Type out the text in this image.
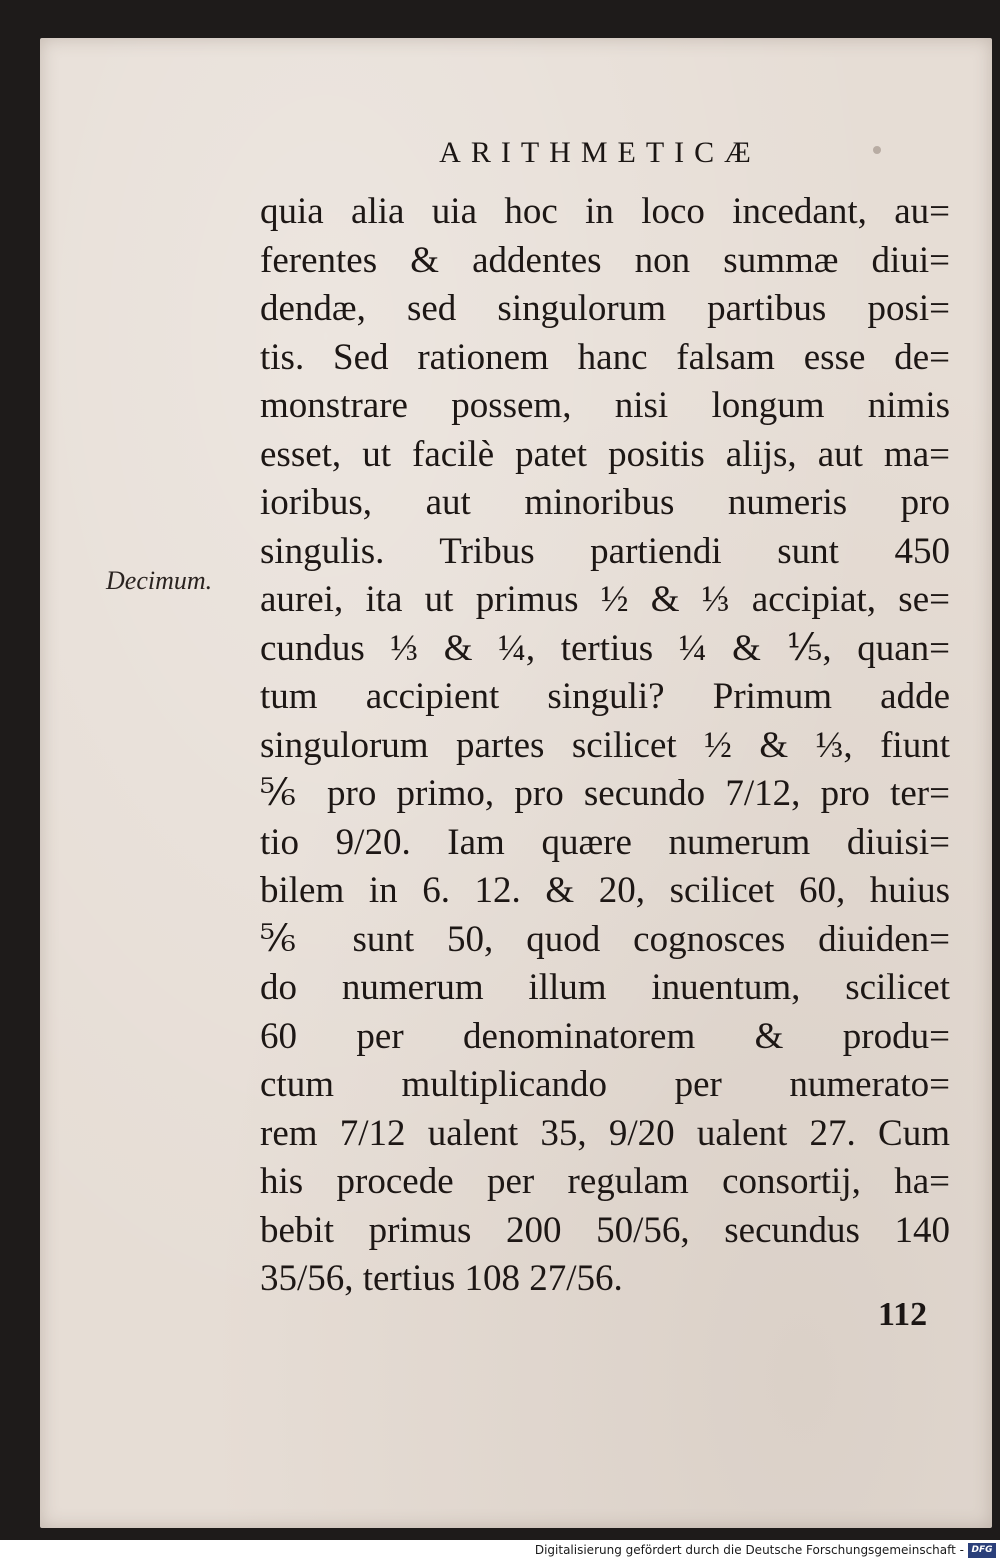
ARITHMETICÆ
Decimum.
quia alia uia hoc in loco incedant, au=
ferentes & addentes non summæ diui=
dendæ, sed singulorum partibus posi=
tis. Sed rationem hanc falsam esse de=
monstrare possem, nisi longum nimis
esset, ut facilè patet positis alijs, aut ma=
ioribus, aut minoribus numeris pro
singulis. Tribus partiendi sunt 450
aurei, ita ut primus ½ & ⅓ accipiat, se=
cundus ⅓ & ¼, tertius ¼ & ⅕, quan=
tum accipient singuli? Primum adde
singulorum partes scilicet ½ & ⅓, fiunt
⅚ pro primo, pro secundo 7/12, pro ter=
tio 9/20. Iam quære numerum diuisi=
bilem in 6. 12. & 20, scilicet 60, huius
⅚ sunt 50, quod cognosces diuiden=
do numerum illum inuentum, scilicet
60 per denominatorem & produ=
ctum multiplicando per numerato=
rem 7/12 ualent 35, 9/20 ualent 27. Cum
his procede per regulam consortij, ha=
bebit primus 200 50/56, secundus 140
35/56, tertius 108 27/56.
112
Digitalisierung gefördert durch die Deutsche Forschungsgemeinschaft - DFG
